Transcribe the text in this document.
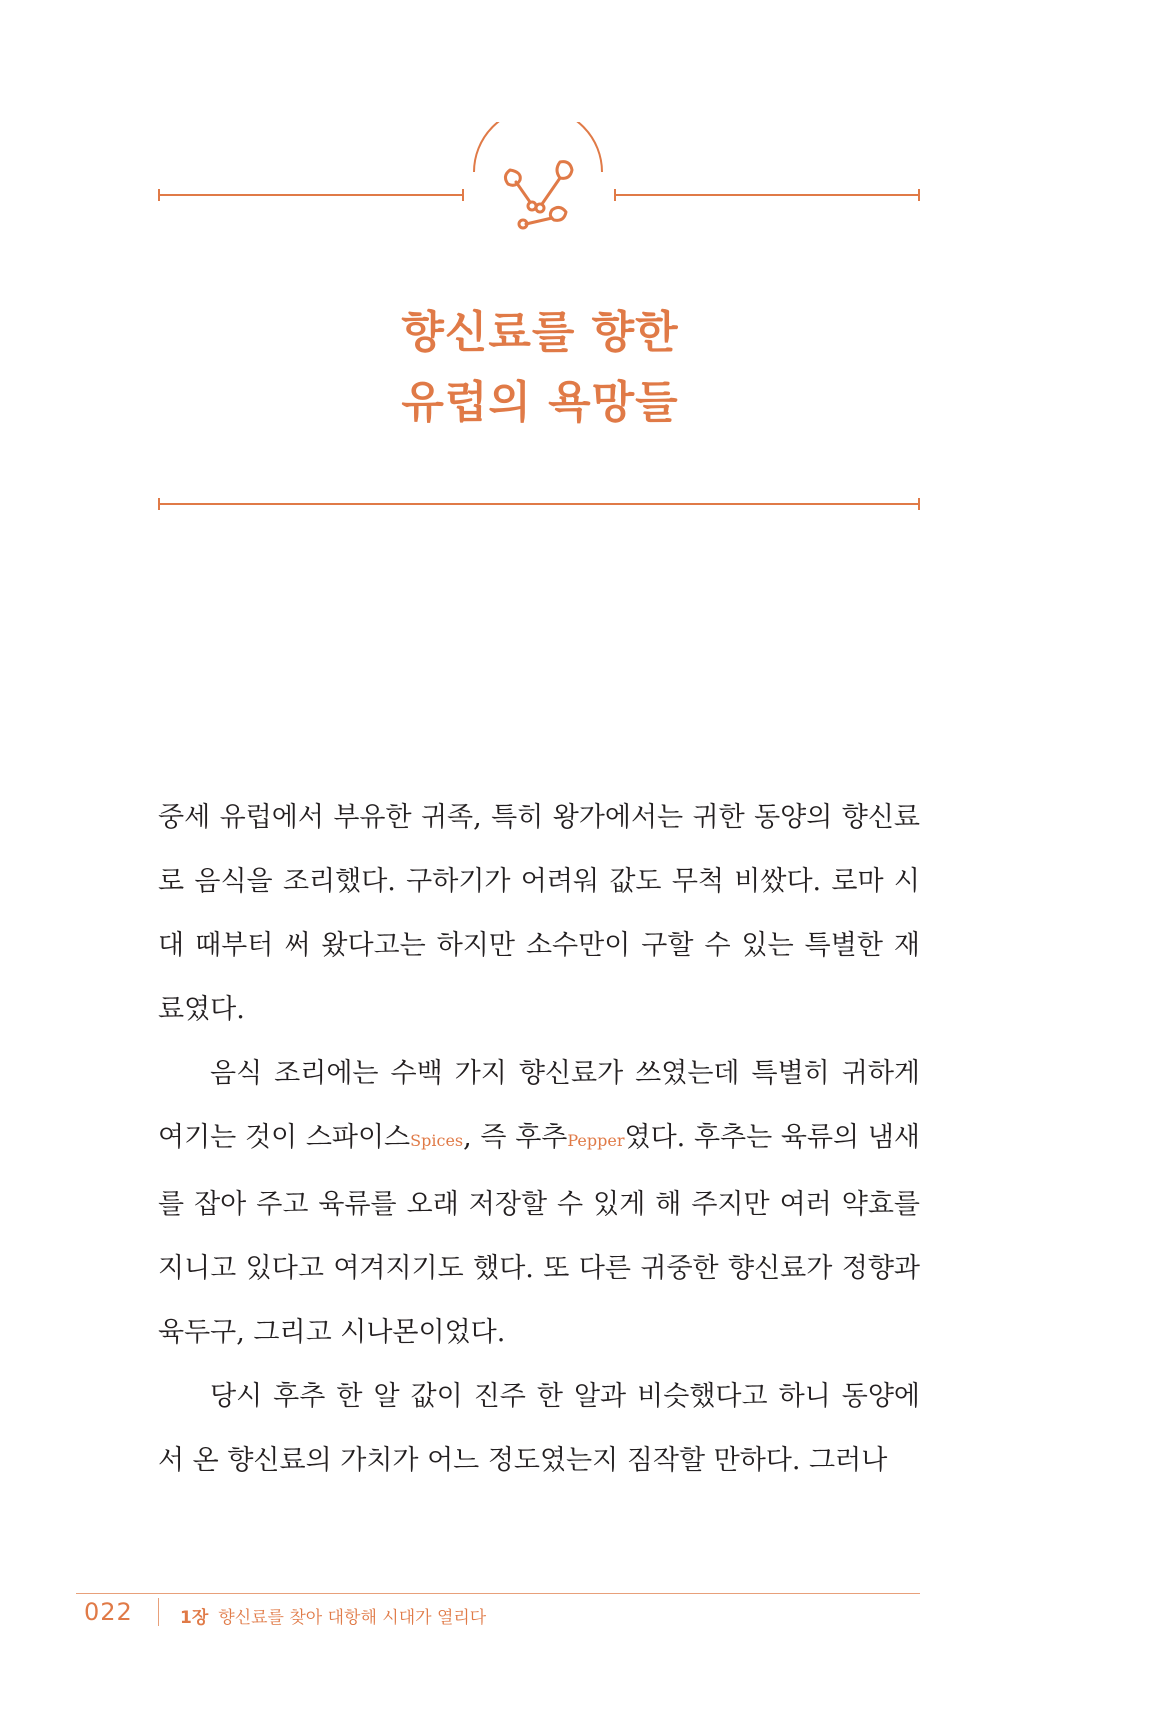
향신료를 향한
유럽의 욕망들

중세 유럽에서 부유한 귀족, 특히 왕가에서는 귀한 동양의 향신료로 음식을 조리했다. 구하기가 어려워 값도 무척 비쌌다. 로마 시대 때부터 써 왔다고는 하지만 소수만이 구할 수 있는 특별한 재료였다.

음식 조리에는 수백 가지 향신료가 쓰였는데 특별히 귀하게 여기는 것이 스파이스Spices, 즉 후추Pepper였다. 후추는 육류의 냄새를 잡아 주고 육류를 오래 저장할 수 있게 해 주지만 여러 약효를 지니고 있다고 여겨지기도 했다. 또 다른 귀중한 향신료가 정향과 육두구, 그리고 시나몬이었다.

당시 후추 한 알 값이 진주 한 알과 비슷했다고 하니 동양에서 온 향신료의 가치가 어느 정도였는지 짐작할 만하다. 그러나

022	1장 향신료를 찾아 대항해 시대가 열리다
